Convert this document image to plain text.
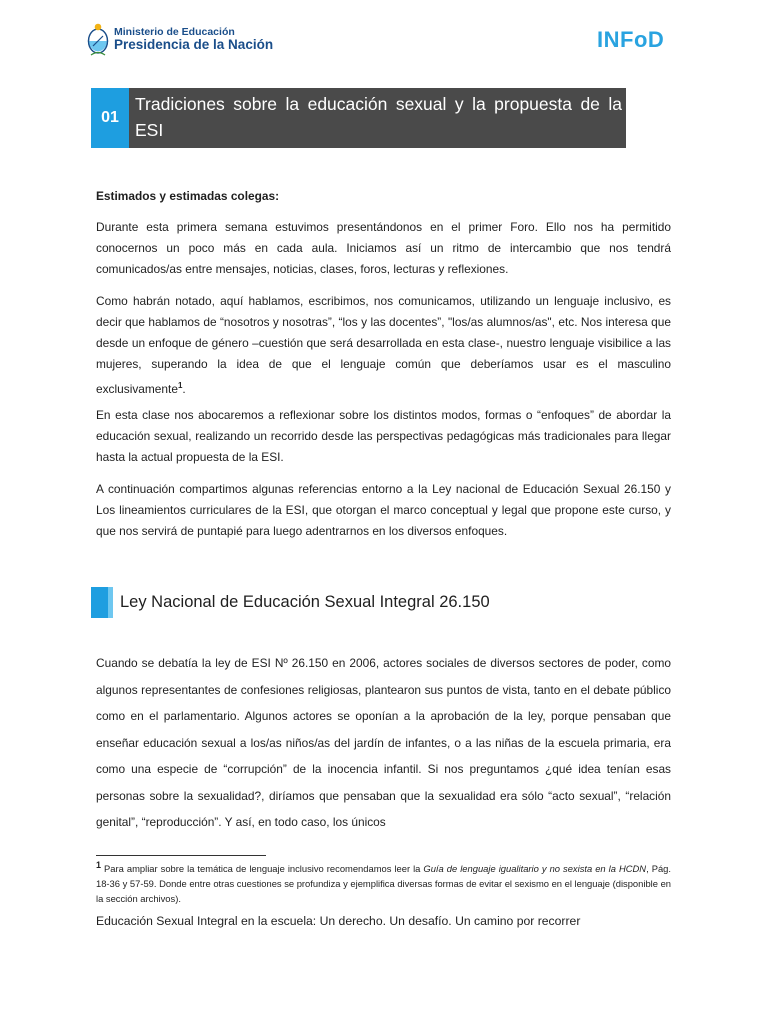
Ministerio de Educación
Presidencia de la Nación	INFoD
01
Tradiciones sobre la educación sexual y la propuesta de la ESI
Estimados y estimadas colegas:
Durante esta primera semana estuvimos presentándonos en el primer Foro. Ello nos ha permitido conocernos un poco más en cada aula. Iniciamos así un ritmo de intercambio que nos tendrá comunicados/as entre mensajes, noticias, clases, foros, lecturas y reflexiones.
Como habrán notado, aquí hablamos, escribimos, nos comunicamos, utilizando un lenguaje inclusivo, es decir que hablamos de “nosotros y nosotras”, “los y las docentes”, "los/as alumnos/as", etc. Nos interesa que desde un enfoque de género –cuestión que será desarrollada en esta clase-, nuestro lenguaje visibilice a las mujeres, superando la idea de que el lenguaje común que deberíamos usar es el masculino exclusivamente$^1$.
En esta clase nos abocaremos a reflexionar sobre los distintos modos, formas o “enfoques” de abordar la educación sexual, realizando un recorrido desde las perspectivas pedagógicas más tradicionales para llegar hasta la actual propuesta de la ESI.
A continuación compartimos algunas referencias entorno a la Ley nacional de Educación Sexual 26.150 y Los lineamientos curriculares de la ESI, que otorgan el marco conceptual y legal que propone este curso, y que nos servirá de puntapié para luego adentrarnos en los diversos enfoques.
Ley Nacional de Educación Sexual Integral 26.150
Cuando se debatía la ley de ESI Nº 26.150 en 2006, actores sociales de diversos sectores de poder, como algunos representantes de confesiones religiosas, plantearon sus puntos de vista, tanto en el debate público como en el parlamentario. Algunos actores se oponían a la aprobación de la ley, porque pensaban que enseñar educación sexual a los/as niños/as del jardín de infantes, o a las niñas de la escuela primaria, era como una especie de “corrupción” de la inocencia infantil. Si nos preguntamos ¿qué idea tenían esas personas sobre la sexualidad?, diríamos que pensaban que la sexualidad era sólo “acto sexual”, “relación genital”, “reproducción”. Y así, en todo caso, los únicos
$^1$ Para ampliar sobre la temática de lenguaje inclusivo recomendamos leer la Guía de lenguaje igualitario y no sexista en la HCDN, Pág. 18-36 y 57-59. Donde entre otras cuestiones se profundiza y ejemplifica diversas formas de evitar el sexismo en el lenguaje (disponible en la sección archivos).
Educación Sexual Integral en la escuela: Un derecho. Un desafío. Un camino por recorrer
